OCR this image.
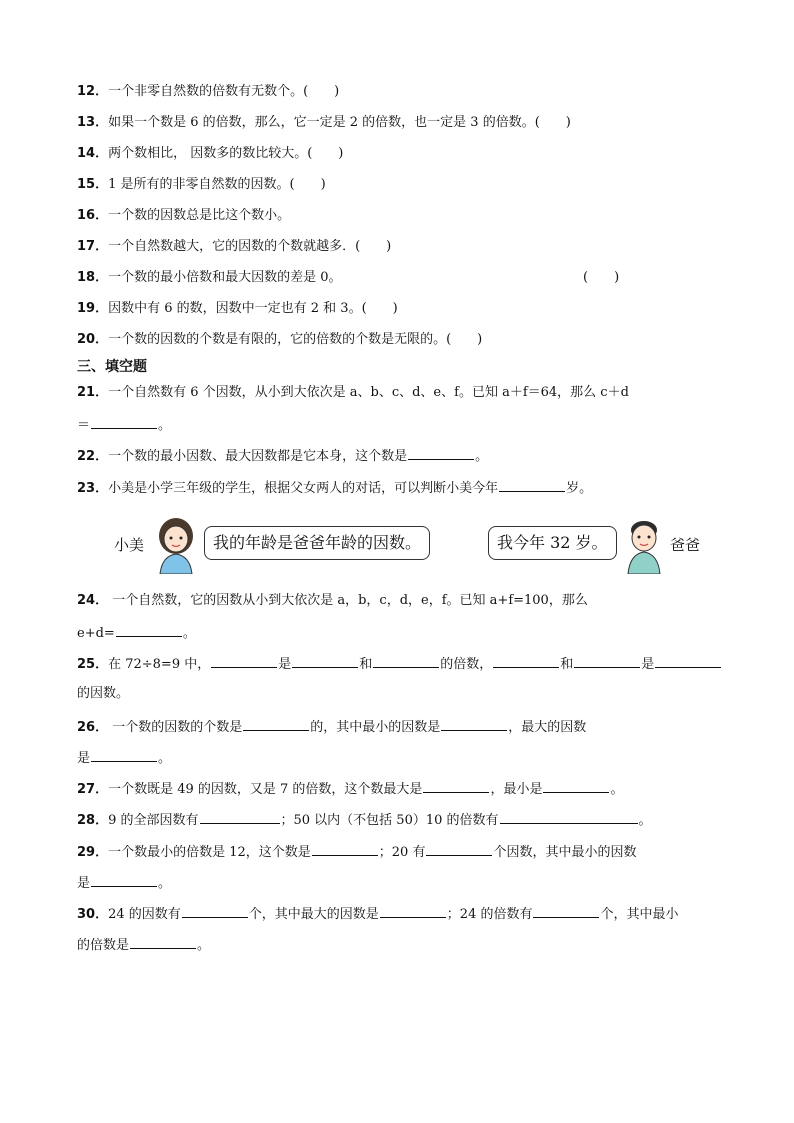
12．一个非零自然数的倍数有无数个。(　　)
13．如果一个数是 6 的倍数，那么，它一定是 2 的倍数，也一定是 3 的倍数。(　　)
14．两个数相比， 因数多的数比较大。(　　)
15．1 是所有的非零自然数的因数。(　　)
16．一个数的因数总是比这个数小。
17．一个自然数越大，它的因数的个数就越多．(　　)
18．一个数的最小倍数和最大因数的差是 0。	(　　)
19．因数中有 6 的数，因数中一定也有 2 和 3。(　　)
20．一个数的因数的个数是有限的，它的倍数的个数是无限的。(　　)
三、填空题
21．一个自然数有 6 个因数，从小到大依次是 a、b、c、d、e、f。已知 a＋f＝64，那么 c＋d
＝	。
22．一个数的最小因数、最大因数都是它本身，这个数是	。
23．小美是小学三年级的学生，根据父女两人的对话，可以判断小美今年	岁。
小美	我的年龄是爸爸年龄的因数。	我今年 32 岁。	爸爸
24． 一个自然数，它的因数从小到大依次是 a，b，c，d，e，f。已知 a+f=100，那么
e+d=	。
25．在 72÷8=9 中，	是	和	的倍数，	和	是
的因数。
26． 一个数的因数的个数是	的，其中最小的因数是	，最大的因数
是	。
27．一个数既是 49 的因数，又是 7 的倍数，这个数最大是	，最小是	。
28．9 的全部因数有	；50 以内（不包括 50）10 的倍数有	。
29．一个数最小的倍数是 12，这个数是	；20 有	个因数，其中最小的因数
是	。
30．24 的因数有	个，其中最大的因数是	；24 的倍数有	个，其中最小
的倍数是	。
